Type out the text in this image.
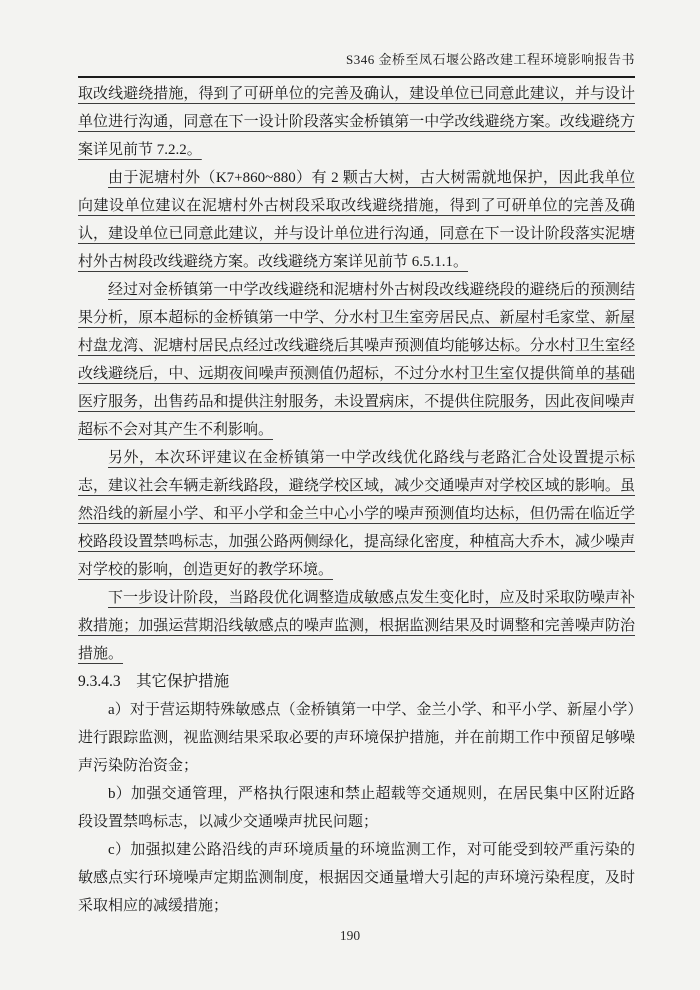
S346 金桥至凤石堰公路改建工程环境影响报告书

取改线避绕措施，得到了可研单位的完善及确认，建设单位已同意此建议，并与设计单位进行沟通，同意在下一设计阶段落实金桥镇第一中学改线避绕方案。改线避绕方案详见前节 7.2.2。

由于泥塘村外（K7+860~880）有 2 颗古大树，古大树需就地保护，因此我单位向建设单位建议在泥塘村外古树段采取改线避绕措施，得到了可研单位的完善及确认，建设单位已同意此建议，并与设计单位进行沟通，同意在下一设计阶段落实泥塘村外古树段改线避绕方案。改线避绕方案详见前节 6.5.1.1。

经过对金桥镇第一中学改线避绕和泥塘村外古树段改线避绕段的避绕后的预测结果分析，原本超标的金桥镇第一中学、分水村卫生室旁居民点、新屋村毛家堂、新屋村盘龙湾、泥塘村居民点经过改线避绕后其噪声预测值均能够达标。分水村卫生室经改线避绕后，中、远期夜间噪声预测值仍超标，不过分水村卫生室仅提供简单的基础医疗服务，出售药品和提供注射服务，未设置病床，不提供住院服务，因此夜间噪声超标不会对其产生不利影响。

另外，本次环评建议在金桥镇第一中学改线优化路线与老路汇合处设置提示标志，建议社会车辆走新线路段，避绕学校区域，减少交通噪声对学校区域的影响。虽然沿线的新屋小学、和平小学和金兰中心小学的噪声预测值均达标，但仍需在临近学校路段设置禁鸣标志，加强公路两侧绿化，提高绿化密度，种植高大乔木，减少噪声对学校的影响，创造更好的教学环境。

下一步设计阶段，当路段优化调整造成敏感点发生变化时，应及时采取防噪声补救措施；加强运营期沿线敏感点的噪声监测，根据监测结果及时调整和完善噪声防治措施。

9.3.4.3　其它保护措施

a）对于营运期特殊敏感点（金桥镇第一中学、金兰小学、和平小学、新屋小学）进行跟踪监测，视监测结果采取必要的声环境保护措施，并在前期工作中预留足够噪声污染防治资金；

b）加强交通管理，严格执行限速和禁止超载等交通规则，在居民集中区附近路段设置禁鸣标志，以减少交通噪声扰民问题；

c）加强拟建公路沿线的声环境质量的环境监测工作，对可能受到较严重污染的敏感点实行环境噪声定期监测制度，根据因交通量增大引起的声环境污染程度，及时采取相应的减缓措施；

190
